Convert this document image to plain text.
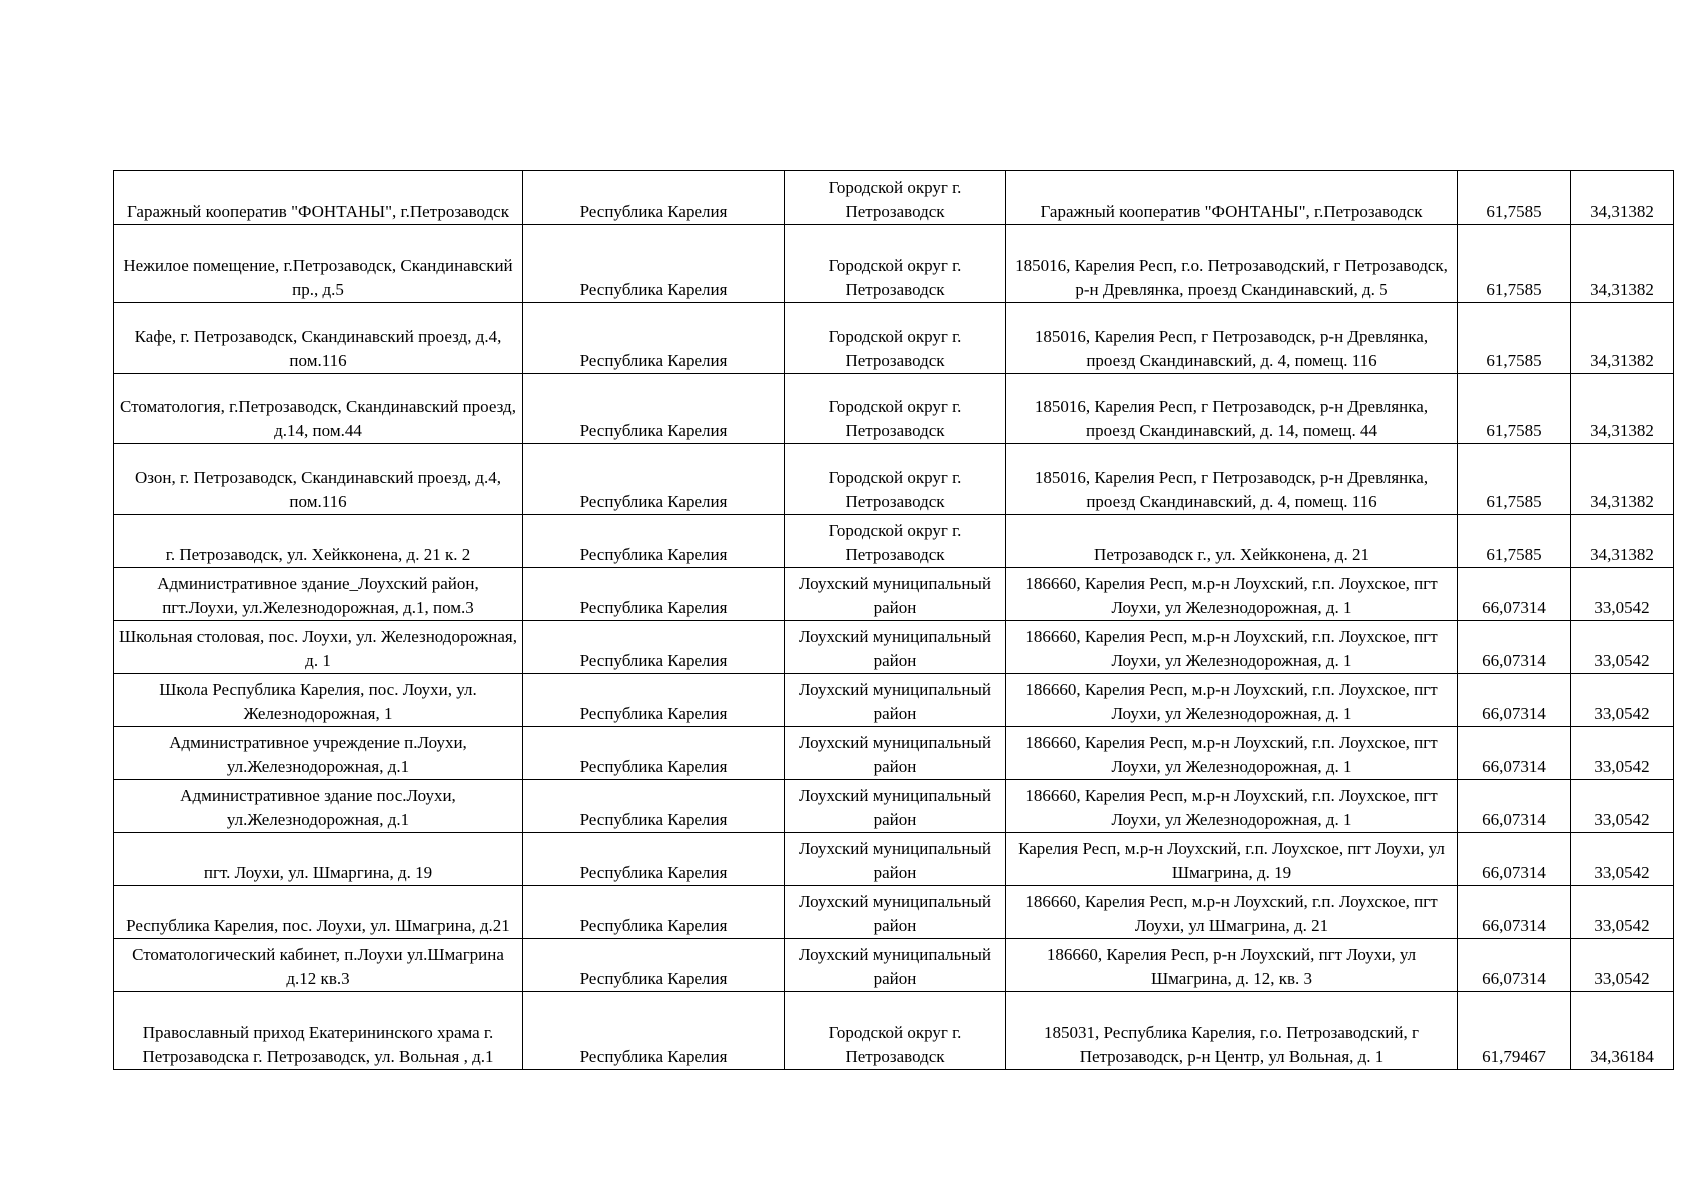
Гаражный кооператив "ФОНТАНЫ", г.Петрозаводск	Республика Карелия	Городской округ г. Петрозаводск	Гаражный кооператив "ФОНТАНЫ", г.Петрозаводск	61,7585	34,31382
Нежилое помещение, г.Петрозаводск, Скандинавский пр., д.5	Республика Карелия	Городской округ г. Петрозаводск	185016, Карелия Респ, г.о. Петрозаводский, г Петрозаводск, р-н Древлянка, проезд Скандинавский, д. 5	61,7585	34,31382
Кафе, г. Петрозаводск, Скандинавский проезд, д.4, пом.116	Республика Карелия	Городской округ г. Петрозаводск	185016, Карелия Респ, г Петрозаводск, р-н Древлянка, проезд Скандинавский, д. 4, помещ. 116	61,7585	34,31382
Стоматология, г.Петрозаводск, Скандинавский проезд, д.14, пом.44	Республика Карелия	Городской округ г. Петрозаводск	185016, Карелия Респ, г Петрозаводск, р-н Древлянка, проезд Скандинавский, д. 14, помещ. 44	61,7585	34,31382
Озон, г. Петрозаводск, Скандинавский проезд, д.4, пом.116	Республика Карелия	Городской округ г. Петрозаводск	185016, Карелия Респ, г Петрозаводск, р-н Древлянка, проезд Скандинавский, д. 4, помещ. 116	61,7585	34,31382
г. Петрозаводск, ул. Хейкконена, д. 21 к. 2	Республика Карелия	Городской округ г. Петрозаводск	Петрозаводск г., ул. Хейкконена, д. 21	61,7585	34,31382
Административное здание_Лоухский район, пгт.Лоухи, ул.Железнодорожная, д.1, пом.3	Республика Карелия	Лоухский муниципальный район	186660, Карелия Респ, м.р-н Лоухский, г.п. Лоухское, пгт Лоухи, ул Железнодорожная, д. 1	66,07314	33,0542
Школьная столовая, пос. Лоухи, ул. Железнодорожная, д. 1	Республика Карелия	Лоухский муниципальный район	186660, Карелия Респ, м.р-н Лоухский, г.п. Лоухское, пгт Лоухи, ул Железнодорожная, д. 1	66,07314	33,0542
Школа Республика Карелия, пос. Лоухи, ул. Железнодорожная, 1	Республика Карелия	Лоухский муниципальный район	186660, Карелия Респ, м.р-н Лоухский, г.п. Лоухское, пгт Лоухи, ул Железнодорожная, д. 1	66,07314	33,0542
Административное учреждение п.Лоухи, ул.Железнодорожная, д.1	Республика Карелия	Лоухский муниципальный район	186660, Карелия Респ, м.р-н Лоухский, г.п. Лоухское, пгт Лоухи, ул Железнодорожная, д. 1	66,07314	33,0542
Административное здание пос.Лоухи, ул.Железнодорожная, д.1	Республика Карелия	Лоухский муниципальный район	186660, Карелия Респ, м.р-н Лоухский, г.п. Лоухское, пгт Лоухи, ул Железнодорожная, д. 1	66,07314	33,0542
пгт. Лоухи, ул. Шмаргина, д. 19	Республика Карелия	Лоухский муниципальный район	Карелия Респ, м.р-н Лоухский, г.п. Лоухское, пгт Лоухи, ул Шмагрина, д. 19	66,07314	33,0542
Республика Карелия, пос. Лоухи, ул. Шмагрина, д.21	Республика Карелия	Лоухский муниципальный район	186660, Карелия Респ, м.р-н Лоухский, г.п. Лоухское, пгт Лоухи, ул Шмагрина, д. 21	66,07314	33,0542
Стоматологический кабинет, п.Лоухи ул.Шмагрина д.12 кв.3	Республика Карелия	Лоухский муниципальный район	186660, Карелия Респ, р-н Лоухский, пгт Лоухи, ул Шмагрина, д. 12, кв. 3	66,07314	33,0542
Православный приход Екатерининского храма г. Петрозаводска г. Петрозаводск, ул. Вольная , д.1	Республика Карелия	Городской округ г. Петрозаводск	185031, Республика Карелия, г.о. Петрозаводский, г Петрозаводск, р-н Центр, ул Вольная, д. 1	61,79467	34,36184
